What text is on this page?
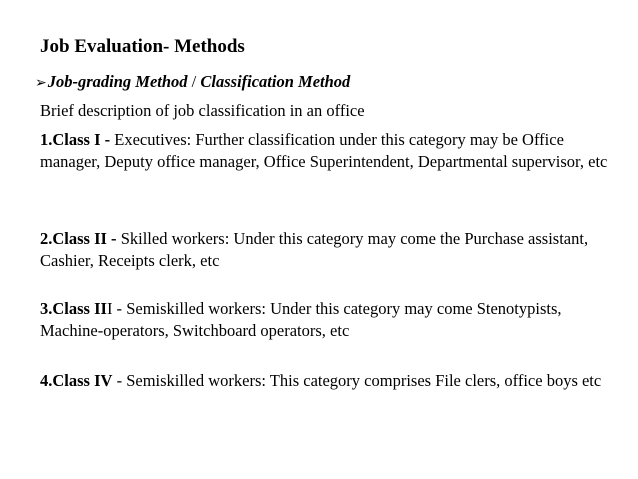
Job Evaluation- Methods
➢Job-grading Method / Classification Method
Brief description of job classification in an office
1.Class I - Executives: Further classification under this category may be Office manager, Deputy office manager, Office Superintendent, Departmental supervisor, etc
2.Class II - Skilled workers: Under this category may come the Purchase assistant, Cashier, Receipts clerk, etc
3.Class III - Semiskilled workers: Under this category may come Stenotypists, Machine-operators, Switchboard operators, etc
4.Class IV - Semiskilled workers: This category comprises File clers, office boys etc
